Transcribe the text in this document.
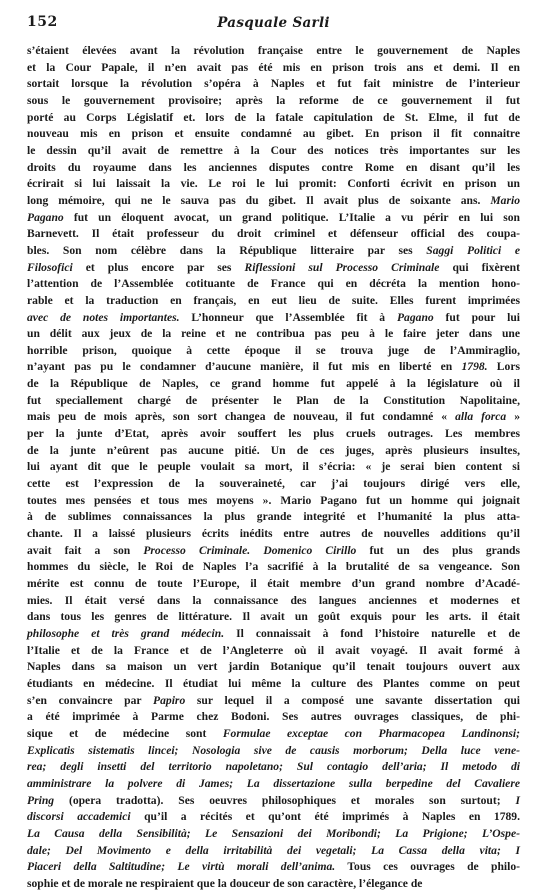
152	Pasquale Sarli
s’étaient élevées avant la révolution française entre le gouvernement de Naples
et la Cour Papale, il n’en avait pas été mis en prison trois ans et demi. Il en
sortait lorsque la révolution s’opéra à Naples et fut fait ministre de l’interieur
sous le gouvernement provisoire; après la reforme de ce gouvernement il fut
porté au Corps Législatif et. lors de la fatale capitulation de St. Elme, il fut de
nouveau mis en prison et ensuite condamné au gibet. En prison il fit connaitre
le dessin qu’il avait de remettre à la Cour des notices très importantes sur les
droits du royaume dans les anciennes disputes contre Rome en disant qu’il les
écrirait si lui laissait la vie. Le roi le lui promit: Conforti écrivit en prison un
long mémoire, qui ne le sauva pas du gibet. Il avait plus de soixante ans. Mario
Pagano fut un éloquent avocat, un grand politique. L’Italie a vu périr en lui son
Barnevett. Il était professeur du droit criminel et défenseur official des coupa-
bles. Son nom célèbre dans la République litteraire par ses Saggi Politici e
Filosofici et plus encore par ses Riflessioni sul Processo Criminale qui fixèrent
l’attention de l’Assemblée cotituante de France qui en décréta la mention hono-
rable et la traduction en français, en eut lieu de suite. Elles furent imprimées
avec de notes importantes. L’honneur que l’Assemblée fit à Pagano fut pour lui
un délit aux jeux de la reine et ne contribua pas peu à le faire jeter dans une
horrible prison, quoique à cette époque il se trouva juge de l’Ammiraglio,
n’ayant pas pu le condamner d’aucune manière, il fut mis en liberté en 1798. Lors
de la République de Naples, ce grand homme fut appelé à la législature où il
fut speciallement chargé de présenter le Plan de la Constitution Napolitaine,
mais peu de mois après, son sort changea de nouveau, il fut condamné « alla forca »
per la junte d’Etat, après avoir souffert les plus cruels outrages. Les membres
de la junte n’eûrent pas aucune pitié. Un de ces juges, après plusieurs insultes,
lui ayant dit que le peuple voulait sa mort, il s’écria: « je serai bien content si
cette est l’expression de la souveraineté, car j’ai toujours dirigé vers elle,
toutes mes pensées et tous mes moyens ». Mario Pagano fut un homme qui joignait
à de sublimes connaissances la plus grande integrité et l’humanité la plus atta-
chante. Il a laissé plusieurs écrits inédits entre autres de nouvelles additions qu’il
avait fait a son Processo Criminale. Domenico Cirillo fut un des plus grands
hommes du siècle, le Roi de Naples l’a sacrifié à la brutalité de sa vengeance. Son
mérite est connu de toute l’Europe, il était membre d’un grand nombre d’Acadé-
mies. Il était versé dans la connaissance des langues anciennes et modernes et
dans tous les genres de littérature. Il avait un goût exquis pour les arts. il était
philosophe et très grand médecin. Il connaissait à fond l’histoire naturelle et de
l’Italie et de la France et de l’Angleterre où il avait voyagé. Il avait formé à
Naples dans sa maison un vert jardin Botanique qu’il tenait toujours ouvert aux
étudiants en médecine. Il étudiat lui même la culture des Plantes comme on peut
s’en convaincre par Papiro sur lequel il a composé une savante dissertation qui
a été imprimée à Parme chez Bodoni. Ses autres ouvrages classiques, de phi-
sique et de médecine sont Formulae exceptae con Pharmacopea Landinonsi;
Explicatis sistematis lincei; Nosologia sive de causis morborum; Della luce vene-
rea; degli insetti del territorio napoletano; Sul contagio dell’aria; Il metodo di
amministrare la polvere di James; La dissertazione sulla berpedine del Cavaliere
Pring (opera tradotta). Ses oeuvres philosophiques et morales son surtout; I
discorsi accademici qu’il a récités et qu’ont été imprimés à Naples en 1789.
La Causa della Sensibilità; Le Sensazioni dei Moribondi; La Prigione; L’Ospe-
dale; Del Movimento e della irritabilità dei vegetali; La Cassa della vita; I
Piaceri della Saltitudine; Le virtù morali dell’anima. Tous ces ouvrages de philo-
sophie et de morale ne respiraient que la douceur de son caractère, l’élegance de
